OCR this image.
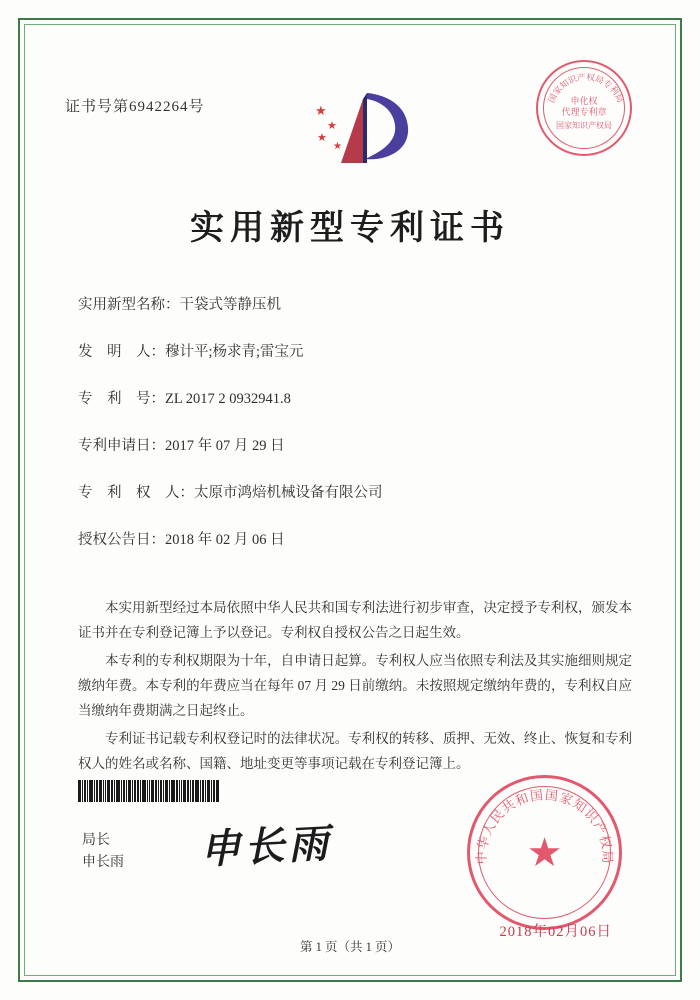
证书号第6942264号	★
★
★
★
国家知识产权局专利局
申化权
代理专利章
国家知识产权局
实用新型专利证书
实用新型名称：干袋式等静压机
发　明　人：穆计平;杨求青;雷宝元
专　利　号：ZL 2017 2 0932941.8
专利申请日：2017 年 07 月 29 日
专　利　权　人：太原市鸿焙机械设备有限公司
授权公告日：2018 年 02 月 06 日
本实用新型经过本局依照中华人民共和国专利法进行初步审查，决定授予专利权，颁发本证书并在专利登记簿上予以登记。专利权自授权公告之日起生效。
本专利的专利权期限为十年，自申请日起算。专利权人应当依照专利法及其实施细则规定缴纳年费。本专利的年费应当在每年 07 月 29 日前缴纳。未按照规定缴纳年费的，专利权自应当缴纳年费期满之日起终止。
专利证书记载专利权登记时的法律状况。专利权的转移、质押、无效、终止、恢复和专利权人的姓名或名称、国籍、地址变更等事项记载在专利登记簿上。
局长
申长雨 申长雨	中华人民共和国国家知识产权局
★
2018年02月06日
第 1 页（共 1 页）
